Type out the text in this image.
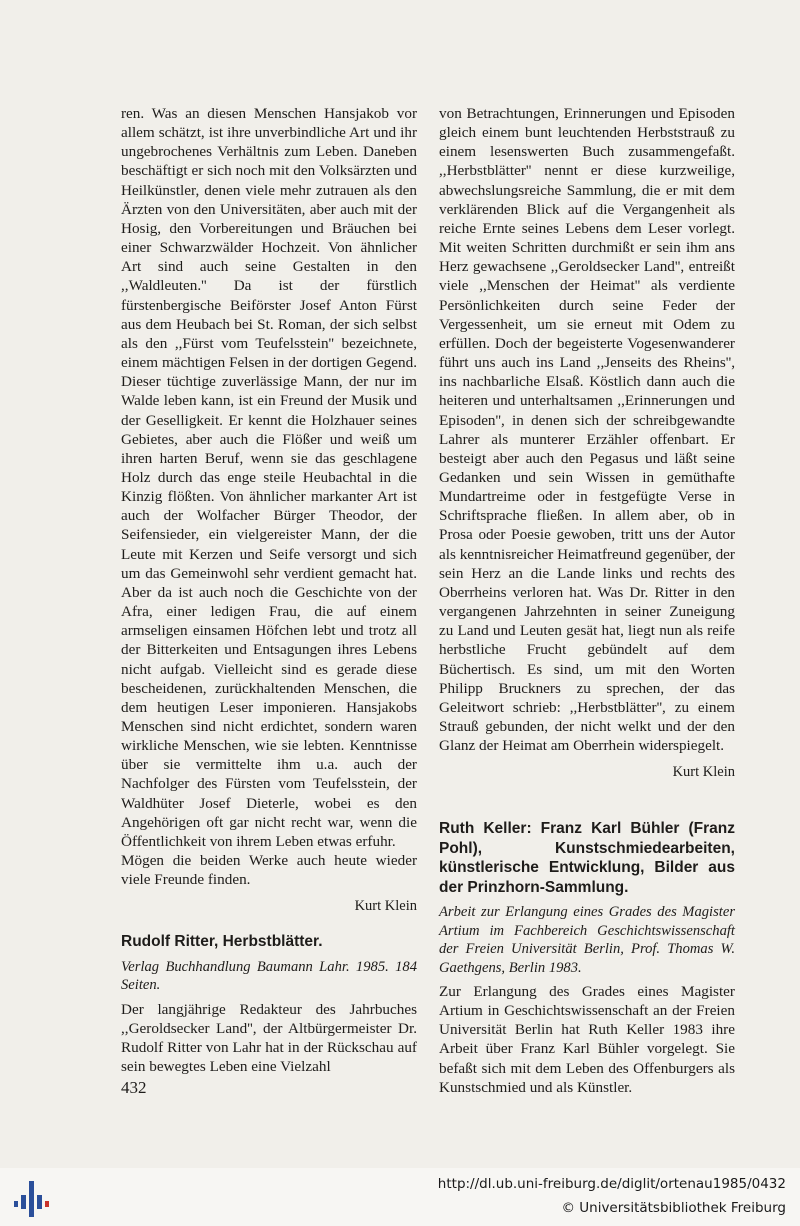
ren. Was an diesen Menschen Hansjakob vor allem schätzt, ist ihre unverbindliche Art und ihr ungebrochenes Verhältnis zum Leben. Daneben beschäftigt er sich noch mit den Volksärzten und Heilkünstler, denen viele mehr zutrauen als den Ärzten von den Universitäten, aber auch mit der Hosig, den Vorbereitungen und Bräuchen bei einer Schwarzwälder Hochzeit. Von ähnlicher Art sind auch seine Gestalten in den ,,Waldleuten.'' Da ist der fürstlich fürstenbergische Beiförster Josef Anton Fürst aus dem Heubach bei St. Roman, der sich selbst als den ,,Fürst vom Teufelsstein'' bezeichnete, einem mächtigen Felsen in der dortigen Gegend. Dieser tüchtige zuverlässige Mann, der nur im Walde leben kann, ist ein Freund der Musik und der Geselligkeit. Er kennt die Holzhauer seines Gebietes, aber auch die Flößer und weiß um ihren harten Beruf, wenn sie das geschlagene Holz durch das enge steile Heubachtal in die Kinzig flößten. Von ähnlicher markanter Art ist auch der Wolfacher Bürger Theodor, der Seifensieder, ein vielgereister Mann, der die Leute mit Kerzen und Seife versorgt und sich um das Gemeinwohl sehr verdient gemacht hat. Aber da ist auch noch die Geschichte von der Afra, einer ledigen Frau, die auf einem armseligen einsamen Höfchen lebt und trotz all der Bitterkeiten und Entsagungen ihres Lebens nicht aufgab. Vielleicht sind es gerade diese bescheidenen, zurückhaltenden Menschen, die dem heutigen Leser imponieren. Hansjakobs Menschen sind nicht erdichtet, sondern waren wirkliche Menschen, wie sie lebten. Kenntnisse über sie vermittelte ihm u.a. auch der Nachfolger des Fürsten vom Teufelsstein, der Waldhüter Josef Dieterle, wobei es den Angehörigen oft gar nicht recht war, wenn die Öffentlichkeit von ihrem Leben etwas erfuhr.

Mögen die beiden Werke auch heute wieder viele Freunde finden.

Kurt Klein

von Betrachtungen, Erinnerungen und Episoden gleich einem bunt leuchtenden Herbststrauß zu einem lesenswerten Buch zusammengefaßt. ,,Herbstblätter'' nennt er diese kurzweilige, abwechslungsreiche Sammlung, die er mit dem verklärenden Blick auf die Vergangenheit als reiche Ernte seines Lebens dem Leser vorlegt. Mit weiten Schritten durchmißt er sein ihm ans Herz gewachsene ,,Geroldsecker Land'', entreißt viele ,,Menschen der Heimat'' als verdiente Persönlichkeiten durch seine Feder der Vergessenheit, um sie erneut mit Odem zu erfüllen. Doch der begeisterte Vogesenwanderer führt uns auch ins Land ,,Jenseits des Rheins'', ins nachbarliche Elsaß. Köstlich dann auch die heiteren und unterhaltsamen ,,Erinnerungen und Episoden'', in denen sich der schreibgewandte Lahrer als munterer Erzähler offenbart. Er besteigt aber auch den Pegasus und läßt seine Gedanken und sein Wissen in gemüthafte Mundartreime oder in festgefügte Verse in Schriftsprache fließen. In allem aber, ob in Prosa oder Poesie gewoben, tritt uns der Autor als kenntnisreicher Heimatfreund gegenüber, der sein Herz an die Lande links und rechts des Oberrheins verloren hat. Was Dr. Ritter in den vergangenen Jahrzehnten in seiner Zuneigung zu Land und Leuten gesät hat, liegt nun als reife herbstliche Frucht gebündelt auf dem Büchertisch. Es sind, um mit den Worten Philipp Bruckners zu sprechen, der das Geleitwort schrieb: ,,Herbstblätter'', zu einem Strauß gebunden, der nicht welkt und der den Glanz der Heimat am Oberrhein widerspiegelt.

Kurt Klein
Rudolf Ritter, Herbstblätter.

Verlag Buchhandlung Baumann Lahr. 1985. 184 Seiten.

Der langjährige Redakteur des Jahrbuches ,,Geroldsecker Land'', der Altbürgermeister Dr. Rudolf Ritter von Lahr hat in der Rückschau auf sein bewegtes Leben eine Vielzahl

Ruth Keller: Franz Karl Bühler (Franz Pohl), Kunstschmiedearbeiten, künstlerische Entwicklung, Bilder aus der Prinzhorn-Sammlung.

Arbeit zur Erlangung eines Grades des Magister Artium im Fachbereich Geschichtswissenschaft der Freien Universität Berlin, Prof. Thomas W. Gaethgens, Berlin 1983.

Zur Erlangung des Grades eines Magister Artium in Geschichtswissenschaft an der Freien Universität Berlin hat Ruth Keller 1983 ihre Arbeit über Franz Karl Bühler vorgelegt. Sie befaßt sich mit dem Leben des Offenburgers als Kunstschmied und als Künstler.

432
http://dl.ub.uni-freiburg.de/diglit/ortenau1985/0432
© Universitätsbibliothek Freiburg
